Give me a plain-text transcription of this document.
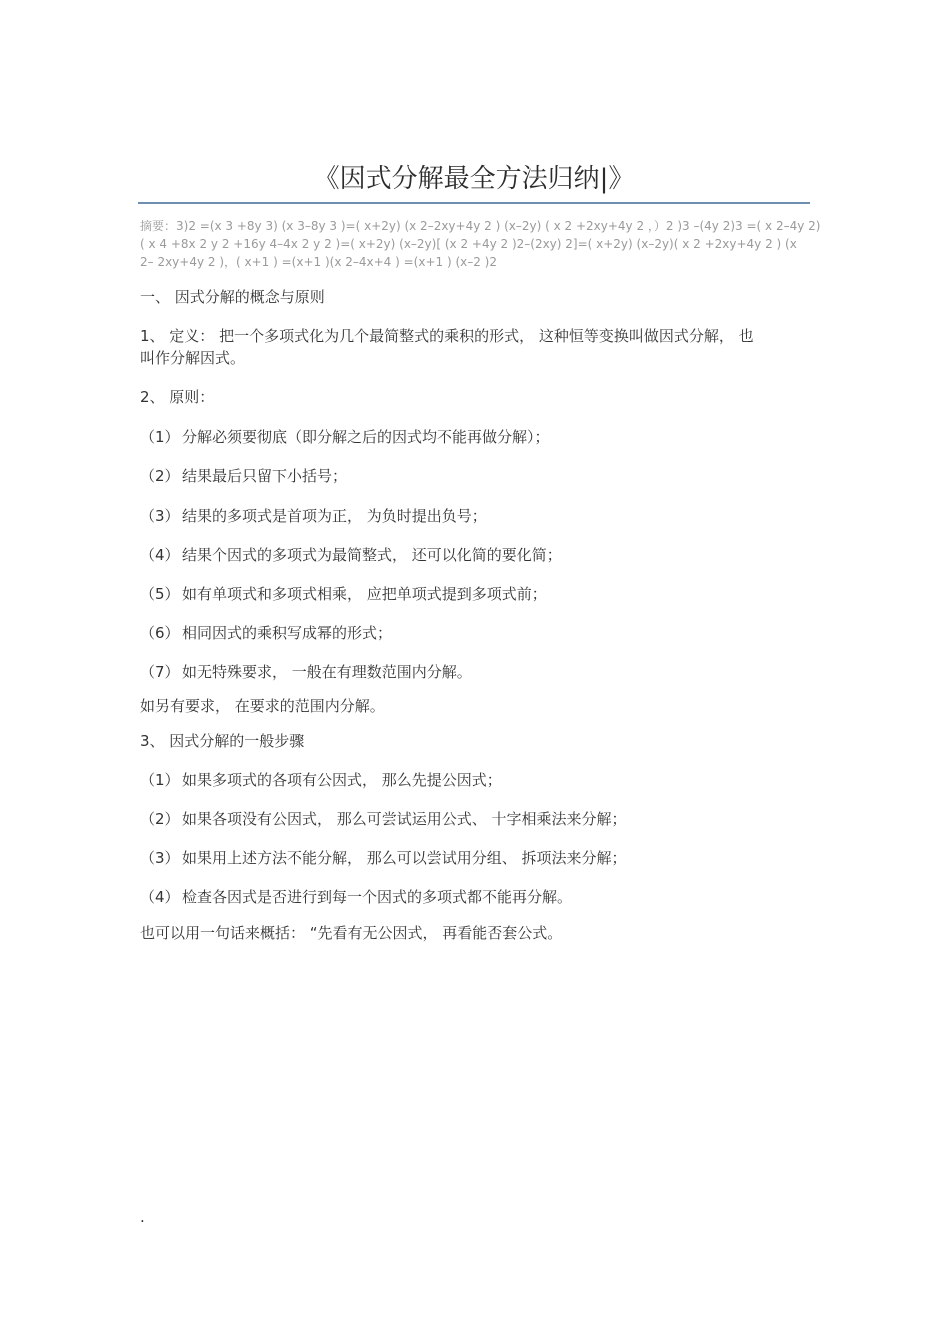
《因式分解最全方法归纳|》

摘要：3)2 =(x 3 +8y 3) (x 3–8y 3 )=( x+2y) (x 2–2xy+4y 2 ) (x–2y) ( x 2 +2xy+4y 2 ，）2 )3 –(4y 2)3 =( x 2–4y 2)
( x 4 +8x 2 y 2 +16y 4–4x 2 y 2 )=( x+2y) (x–2y)[ (x 2 +4y 2 )2–(2xy) 2]=( x+2y) (x–2y)( x 2 +2xy+4y 2 ) (x
2– 2xy+4y 2 )，( x+1 ) =(x+1 )(x 2–4x+4 ) =(x+1 ) (x–2 )2

一、 因式分解的概念与原则

1、 定义： 把一个多项式化为几个最简整式的乘积的形式， 这种恒等变换叫做因式分解， 也
叫作分解因式。

2、 原则：

（1） 分解必须要彻底（即分解之后的因式均不能再做分解）；

（2） 结果最后只留下小括号；

（3） 结果的多项式是首项为正， 为负时提出负号；

（4） 结果个因式的多项式为最简整式， 还可以化简的要化简；

（5） 如有单项式和多项式相乘， 应把单项式提到多项式前；

（6） 相同因式的乘积写成幂的形式；

（7） 如无特殊要求， 一般在有理数范围内分解。

如另有要求， 在要求的范围内分解。

3、 因式分解的一般步骤

（1） 如果多项式的各项有公因式， 那么先提公因式；

（2） 如果各项没有公因式， 那么可尝试运用公式、 十字相乘法来分解；

（3） 如果用上述方法不能分解， 那么可以尝试用分组、 拆项法来分解；

（4） 检查各因式是否进行到每一个因式的多项式都不能再分解。

也可以用一句话来概括： “先看有无公因式， 再看能否套公式。

.
